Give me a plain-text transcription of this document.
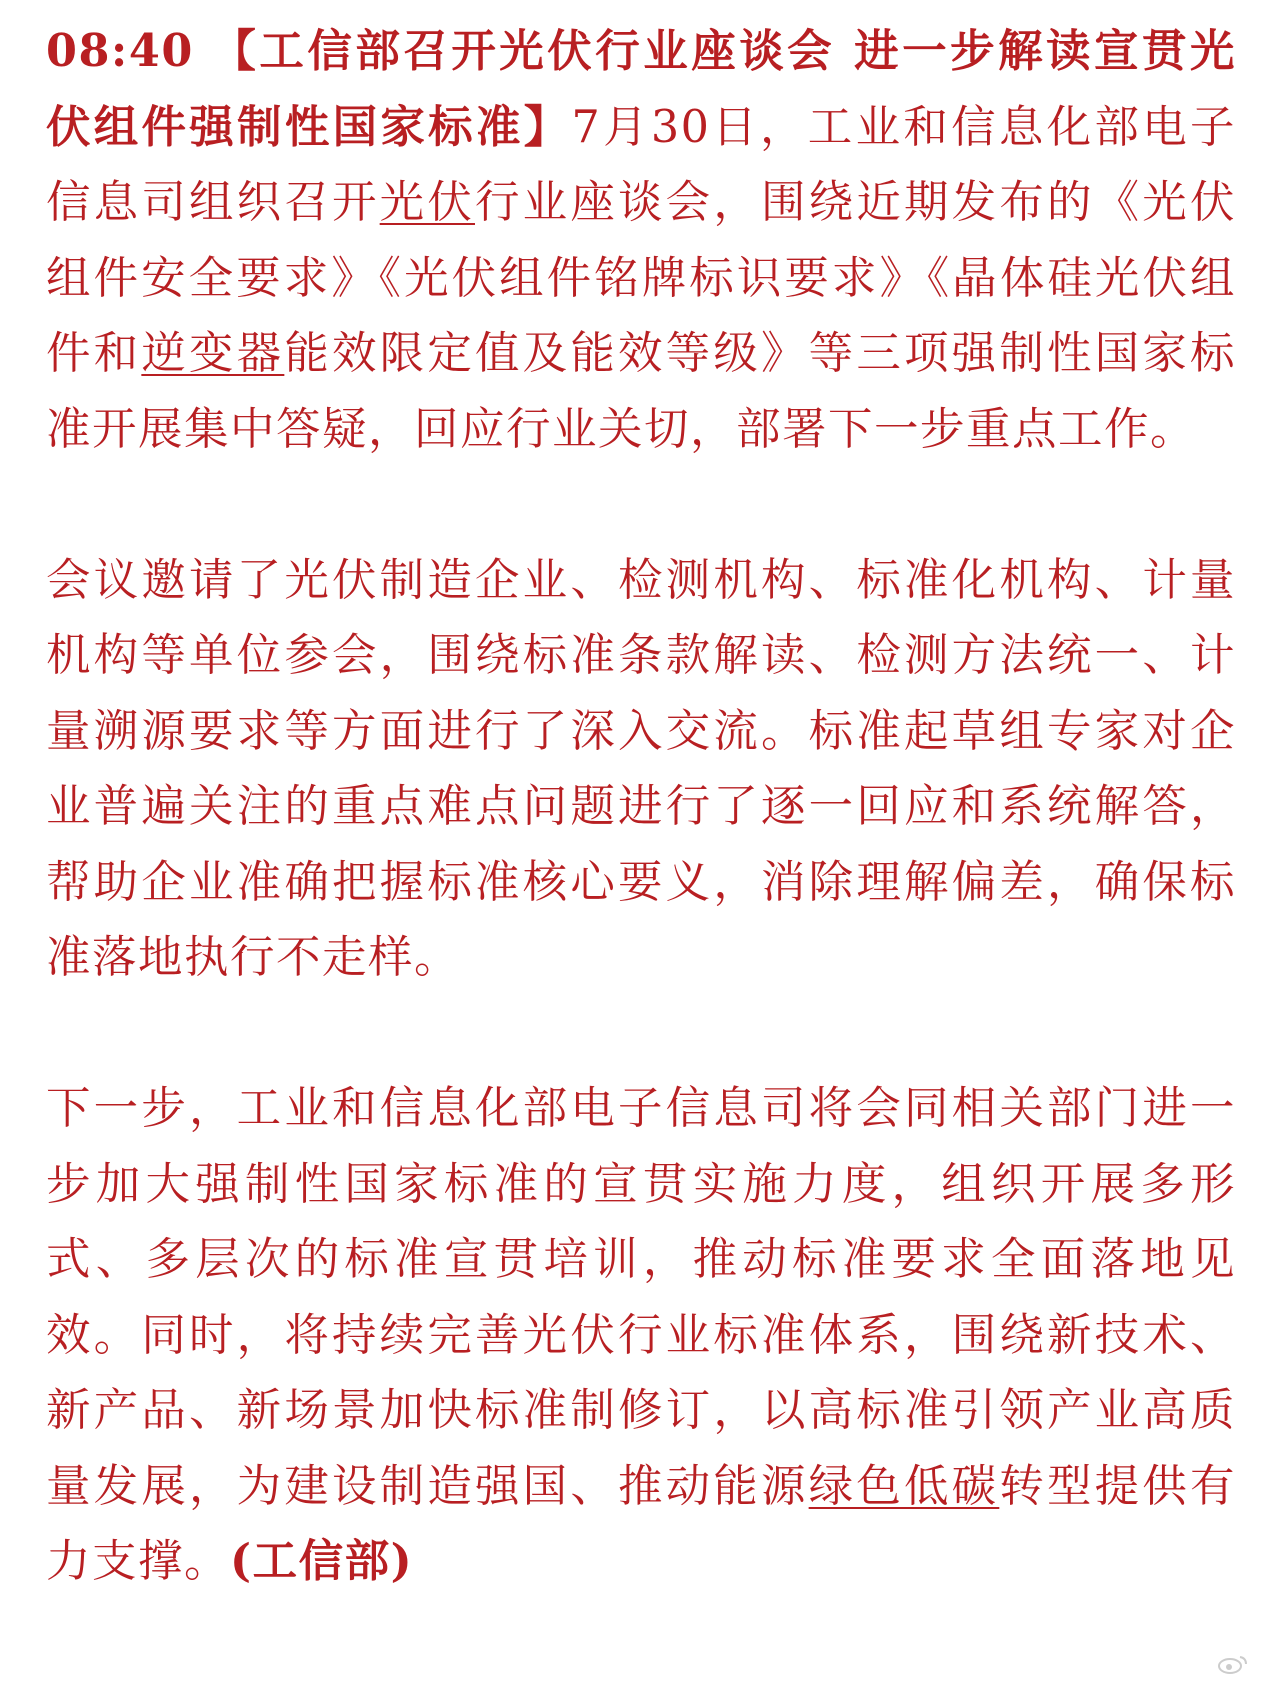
08:40 【工信部召开光伏行业座谈会 进一步解读宣贯光伏组件强制性国家标准】7月30日，工业和信息化部电子信息司组织召开光伏行业座谈会，围绕近期发布的《光伏组件安全要求》《光伏组件铭牌标识要求》《晶体硅光伏组件和逆变器能效限定值及能效等级》等三项强制性国家标准开展集中答疑，回应行业关切，部署下一步重点工作。

会议邀请了光伏制造企业、检测机构、标准化机构、计量机构等单位参会，围绕标准条款解读、检测方法统一、计量溯源要求等方面进行了深入交流。标准起草组专家对企业普遍关注的重点难点问题进行了逐一回应和系统解答，帮助企业准确把握标准核心要义，消除理解偏差，确保标准落地执行不走样。

下一步，工业和信息化部电子信息司将会同相关部门进一步加大强制性国家标准的宣贯实施力度，组织开展多形式、多层次的标准宣贯培训，推动标准要求全面落地见效。同时，将持续完善光伏行业标准体系，围绕新技术、新产品、新场景加快标准制修订，以高标准引领产业高质量发展，为建设制造强国、推动能源绿色低碳转型提供有力支撑。(工信部)
